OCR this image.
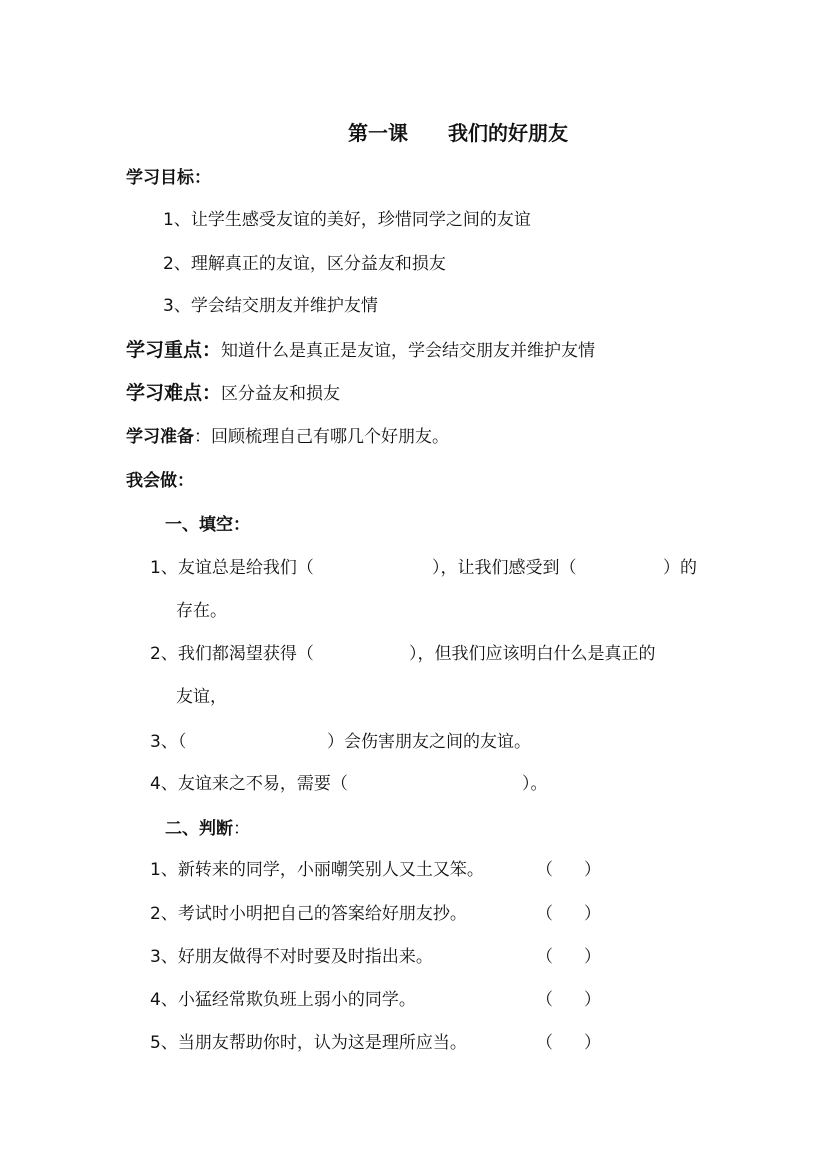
第一课 我们的好朋友
学习目标：
1、让学生感受友谊的美好，珍惜同学之间的友谊
2、理解真正的友谊，区分益友和损友
3、学会结交朋友并维护友情
学习重点：知道什么是真正是友谊，学会结交朋友并维护友情
学习难点：区分益友和损友
学习准备：回顾梳理自己有哪几个好朋友。
我会做：
一、填空：
1、友谊总是给我们（	），让我们感受到（	）的
存在。
2、我们都渴望获得（	），但我们应该明白什么是真正的
友谊，
3、（	）会伤害朋友之间的友谊。
4、友谊来之不易，需要（	）。
二、判断：
1、新转来的同学，小丽嘲笑别人又土又笨。	（ ）
2、考试时小明把自己的答案给好朋友抄。	（ ）
3、好朋友做得不对时要及时指出来。	（ ）
4、小猛经常欺负班上弱小的同学。	（ ）
5、当朋友帮助你时，认为这是理所应当。	（ ）
